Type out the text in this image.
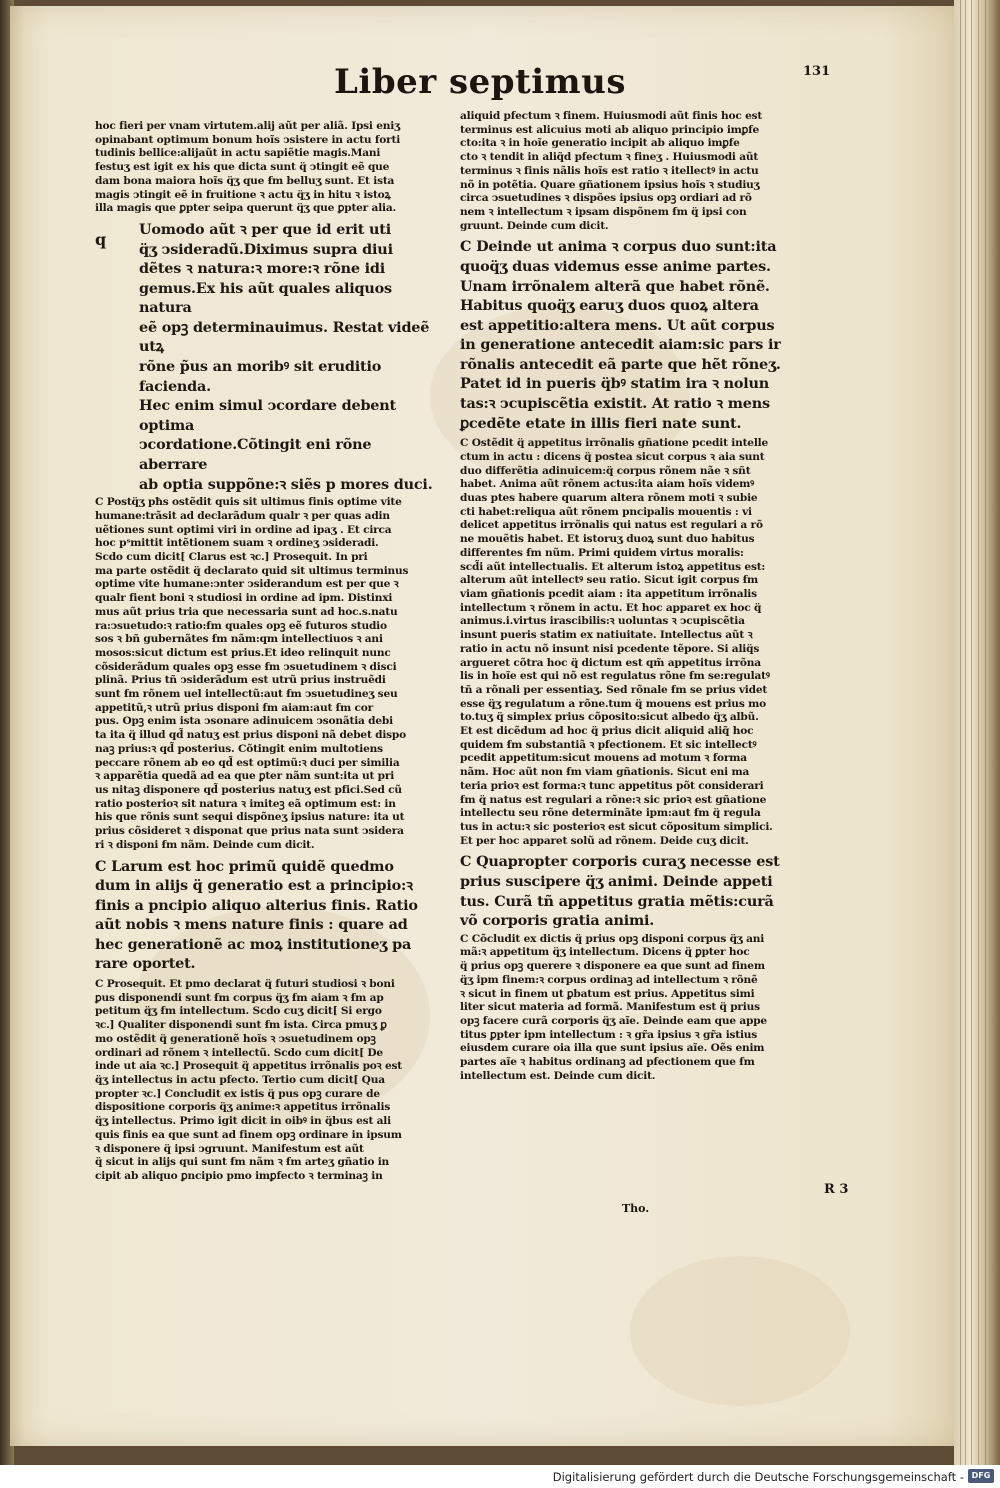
Liber septimus	131

hoc fieri per vnam virtutem.alij aũt per aliã. Ipsi eniʒ
opinabant optimum bonum hoĩs ↄsistere in actu forti
tudinis bellice:alijaũt in actu sapiẽtie magis.Mani
festuʒ est igit ex his que dicta sunt q̈ ↄtingit eẽ que
dam bona maiora hoĩs q̈ʒ que ẜm belluʒ sunt. Et ista
magis ↄtingit eẽ in fruitione ꝛ actu q̈ʒ in hitu ꝛ istoꝝ
illa magis que ꝑpter seipa querunt q̈ʒ que ꝑpter alia.

q

Uomodo aũt ꝛ per que id erit uti
q̈ʒ ↄsideradũ.Diximus supra diui
dẽtes ꝛ natura:ꝛ more:ꝛ rõne idi
gemus.Ex his aũt quales aliquos natura
eẽ opꝫ determinauimus. Restat videẽ utꝝ
rõne p̃us an moribꝰ sit eruditio facienda.
Hec enim simul ↄcordare debent optima
ↄcordatione.Cõtingit eni rõne aberrare
ab optia suppõne:ꝛ siẽs p mores duci.

C Postq̈ʒ pħs ostẽdit quis sit ultimus finis optime vite
humane:trãsit ad declarãdum qualr ꝛ per quas adin
uẽtiones sunt optimi viri in ordine ad ipaʒ . Et circa
hoc pˢmittit intẽtionem suam ꝛ ordineʒ ↄsideradi.
Scdo cum dicit[ Clarus est ꝛc.] Prosequit. In pri
ma parte ostẽdit q̈ declarato quid sit ultimus terminus
optime vite humane:ↄnter ↄsiderandum est per que ꝛ
qualr fient boni ꝛ studiosi in ordine ad ipm. Distinxi
mus aũt prius tria que necessaria sunt ad hoc.s.natu
ra:ↄsuetudo:ꝛ ratio:ẜm quales opꝫ eẽ futuros studio
sos ꝛ bñ gubernãtes ẜm nãm:qm intellectiuos ꝛ ani
mosos:sicut dictum est prius.Et ideo relinquit nunc
cõsiderãdum quales opꝫ esse ẜm ↄsuetudinem ꝛ disci
plinã. Prius tñ ↄsiderãdum est utrũ prius instruẽdi
sunt ẜm rõnem uel intellectũ:aut ẜm ↄsuetudineʒ seu
appetitũ,ꝛ utrũ prius disponi ẜm aiam:aut ẜm cor
pus. Opꝫ enim ista ↄsonare adinuicem ↄsonãtia debi
ta ita q̈ illud qd̃ natuʒ est prius disponi nã debet dispo
naꝫ prius:ꝛ qd̃ posterius. Cõtingit enim multotiens
peccare rõnem ab eo qd̃ est optimũ:ꝛ duci per similia
ꝛ apparẽtia quedã ad ea que ꝑter nãm sunt:ita ut pri
us nitaꝫ disponere qd̃ posterius natuʒ est pfici.Sed cũ
ratio posterioꝛ sit natura ꝛ imiteꝫ eã optimum est: in
his que rõnis sunt sequi dispõneʒ ipsius nature: ita ut
prius cõsideret ꝛ disponat que prius nata sunt ↄsidera
ri ꝛ disponi ẜm nãm. Deinde cum dicit.

C Larum est hoc primũ quidẽ quedmo
dum in alijs q̈ generatio est a principio:ꝛ
finis a pncipio aliquo alterius finis. Ratio
aũt nobis ꝛ mens nature finis : quare ad
hec generationẽ ac moꝝ institutioneʒ pa
rare oportet.

C Prosequit. Et pmo declarat q̈ futuri studiosi ꝛ boni
ꝑus disponendi sunt ẜm corpus q̈ʒ ẜm aiam ꝛ ẜm ap
petitum q̈ʒ ẜm intellectum. Scdo cuʒ dicit[ Si ergo
ꝛc.] Qualiter disponendi sunt ẜm ista. Circa pmuʒ ꝑ
mo ostẽdit q̈ generationẽ hoĩs ꝛ ↄsuetudinem opꝫ
ordinari ad rõnem ꝛ intellectũ. Scdo cum dicit[ De
inde ut aia ꝛc.] Prosequit q̈ appetitus irrõnalis poꝛ est
q̈ʒ intellectus in actu pfecto. Tertio cum dicit[ Qua
propter ꝛc.] Concludit ex istis q̈ pus opꝫ curare de
dispositione corporis q̈ʒ anime:ꝛ appetitus irrõnalis
q̈ʒ intellectus. Primo igit dicit in oibꝰ in q̈bus est ali
quis finis ea que sunt ad finem opꝫ ordinare in ipsum
ꝛ disponere q̈ ipsi ↄgruunt. Manifestum est aũt
q̈ sicut in alijs qui sunt ẜm nãm ꝛ ẜm arteʒ gñatio in
cipit ab aliquo ꝑncipio pmo imꝑfecto ꝛ terminaꝫ in

aliquid pfectum ꝛ finem. Huiusmodi aũt finis hoc est
terminus est alicuius moti ab aliquo principio imꝑfe
cto:ita ꝛ in hoĩe generatio incipit ab aliquo imꝑfe
cto ꝛ tendit in aliq̃d pfectum ꝛ fineʒ . Huiusmodi aũt
terminus ꝛ finis nãlis hoĩs est ratio ꝛ itellectꝰ in actu
nõ in potẽtia. Quare gñationem ipsius hoĩs ꝛ studiuʒ
circa ↄsuetudines ꝛ dispões ipsius opꝫ ordiari ad rõ
nem ꝛ intellectum ꝛ ipsam dispõnem ẜm q̈ ipsi con
gruunt. Deinde cum dicit.

C Deinde ut anima ꝛ corpus duo sunt:ita
quoq̈ʒ duas videmus esse anime partes.
Unam irrõnalem alterã que habet rõnẽ.
Habitus quoq̈ʒ earuʒ duos quoꝝ altera
est appetitio:altera mens. Ut aũt corpus
in generatione antecedit aiam:sic pars ir
rõnalis antecedit eã parte que hẽt rõneʒ.
Patet id in pueris q̈bꝰ statim ira ꝛ nolun
tas:ꝛ ↄcupiscẽtia existit. At ratio ꝛ mens
ꝑcedẽte etate in illis fieri nate sunt.

C Ostẽdit q̈ appetitus irrõnalis gñatione pcedit intelle
ctum in actu : dicens q̈ postea sicut corpus ꝛ aia sunt
duo differẽtia adinuicem:q̈ corpus rõnem nãe ꝛ sñt
habet. Anima aũt rõnem actus:ita aiam hoĩs videmꝰ
duas ptes habere quarum altera rõnem moti ꝛ subie
cti habet:reliqua aũt rõnem pncipalis mouentis : vi
delicet appetitus irrõnalis qui natus est regulari a rõ
ne mouẽtis habet. Et istoruʒ duoꝝ sunt duo habitus
differentes ẜm nũm. Primi quidem virtus moralis:
scd̃i aũt intellectualis. Et alterum istoꝝ appetitus est:
alterum aũt intellectꝰ seu ratio. Sicut igit corpus ẜm
viam gñationis pcedit aiam : ita appetitum irrõnalis
intellectum ꝛ rõnem in actu. Et hoc apparet ex hoc q̈
animus.i.virtus irascibilis:ꝛ uoluntas ꝛ ↄcupiscẽtia
insunt pueris statim ex natiuitate. Intellectus aũt ꝛ
ratio in actu nõ insunt nisi pcedente tẽpore. Si aliq̈s
argueret cõtra hoc q̈ dictum est qm̃ appetitus irrõna
lis in hoĩe est qui nõ est regulatus rõne ẜm se:regulatꝰ
tñ a rõnali per essentiaʒ. Sed rõnale ẜm se prius videt
esse q̈ʒ regulatum a rõne.tum q̈ mouens est prius mo
to.tuʒ q̈ simplex prius cõposito:sicut albedo q̈ʒ albũ.
Et est dicẽdum ad hoc q̈ prius dicit aliquid aliq̃ hoc
quidem ẜm substantiã ꝛ pfectionem. Et sic intellectꝰ
pcedit appetitum:sicut mouens ad motum ꝛ forma
nãm. Hoc aũt non ẜm viam gñationis. Sicut eni ma
teria prioꝛ est forma:ꝛ tunc appetitus põt considerari
ẜm q̈ natus est regulari a rõne:ꝛ sic prioꝛ est gñatione
intellectu seu rõne determinãte ipm:aut ẜm q̈ regula
tus in actu:ꝛ sic posterioꝛ est sicut cõpositum simplici.
Et per hoc apparet solũ ad rõnem. Deide cuʒ dicit.

C Quapropter corporis curaʒ necesse est
prius suscipere q̈ʒ animi. Deinde appeti
tus. Curã tñ appetitus gratia mẽtis:curã
võ corporis gratia animi.

C Cõcludit ex dictis q̈ prius opꝫ disponi corpus q̈ʒ ani
mã:ꝛ appetitum q̈ʒ intellectum. Dicens q̈ ꝑpter hoc
q̈ prius opꝫ querere ꝛ disponere ea que sunt ad finem
q̈ʒ ipm finem:ꝛ corpus ordinaꝫ ad intellectum ꝛ rõnẽ
ꝛ sicut in finem ut ꝑbatum est prius. Appetitus simi
liter sicut materia ad formã. Manifestum est q̈ prius
opꝫ facere curã corporis q̈ʒ aĩe. Deinde eam que appe
titus ꝑpter ipm intellectum : ꝛ gr̃a ipsius ꝛ gr̃a istius
eiusdem curare oia illa que sunt ipsius aĩe. Oẽs enim
partes aĩe ꝛ habitus ordinanꝫ ad pfectionem que ẜm
intellectum est. Deinde cum dicit.

R 3
Tho.
Digitalisierung gefördert durch die Deutsche Forschungsgemeinschaft - DFG
